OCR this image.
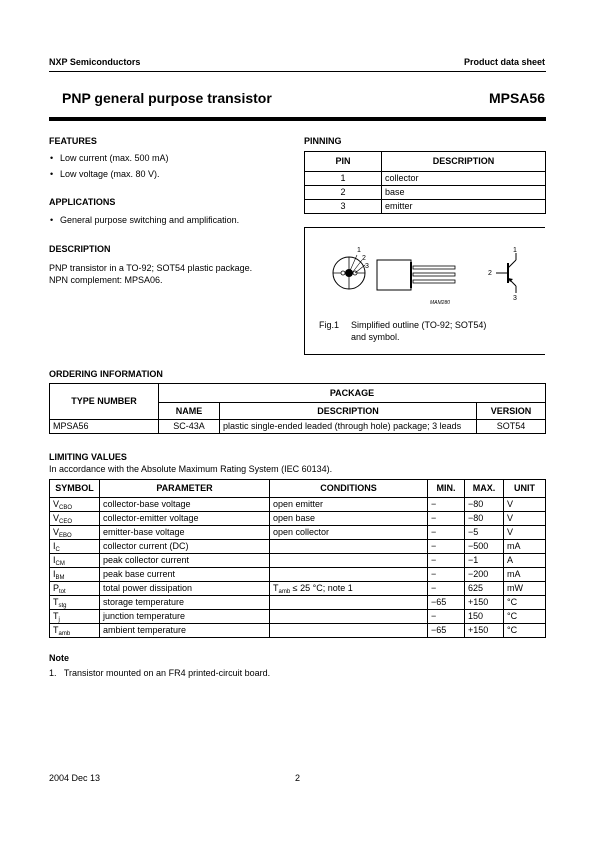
NXP Semiconductors	Product data sheet
PNP general purpose transistor	MPSA56
FEATURES
• Low current (max. 500 mA)
• Low voltage (max. 80 V).
APPLICATIONS
• General purpose switching and amplification.
DESCRIPTION
PNP transistor in a TO-92; SOT54 plastic package.
NPN complement: MPSA06.
PINNING
PIN	DESCRIPTION
1	collector
2	base
3	emitter
1
2
3
MAM280
1
2
3
Fig.1 Simplified outline (TO-92; SOT54)
and symbol.
ORDERING INFORMATION
TYPE NUMBER	PACKAGE		
	NAME	DESCRIPTION	VERSION
MPSA56	SC-43A	plastic single-ended leaded (through hole) package; 3 leads	SOT54
LIMITING VALUES
In accordance with the Absolute Maximum Rating System (IEC 60134).
SYMBOL	PARAMETER	CONDITIONS	MIN.	MAX.	UNIT
$V_{CBO}$	collector-base voltage	open emitter	−	−80	V
$V_{CEO}$	collector-emitter voltage	open base	−	−80	V
$V_{EBO}$	emitter-base voltage	open collector	−	−5	V
$I_C$	collector current (DC)		−	−500	mA
$I_{CM}$	peak collector current		−	−1	A
$I_{BM}$	peak base current		−	−200	mA
$P_{tot}$	total power dissipation	$T_{amb} \le 25$ °C; note 1	−	625	mW
$T_{stg}$	storage temperature		−65	+150	°C
$T_j$	junction temperature		−	150	°C
$T_{amb}$	ambient temperature		−65	+150	°C
Note
1.   Transistor mounted on an FR4 printed-circuit board.
2004 Dec 13	2
